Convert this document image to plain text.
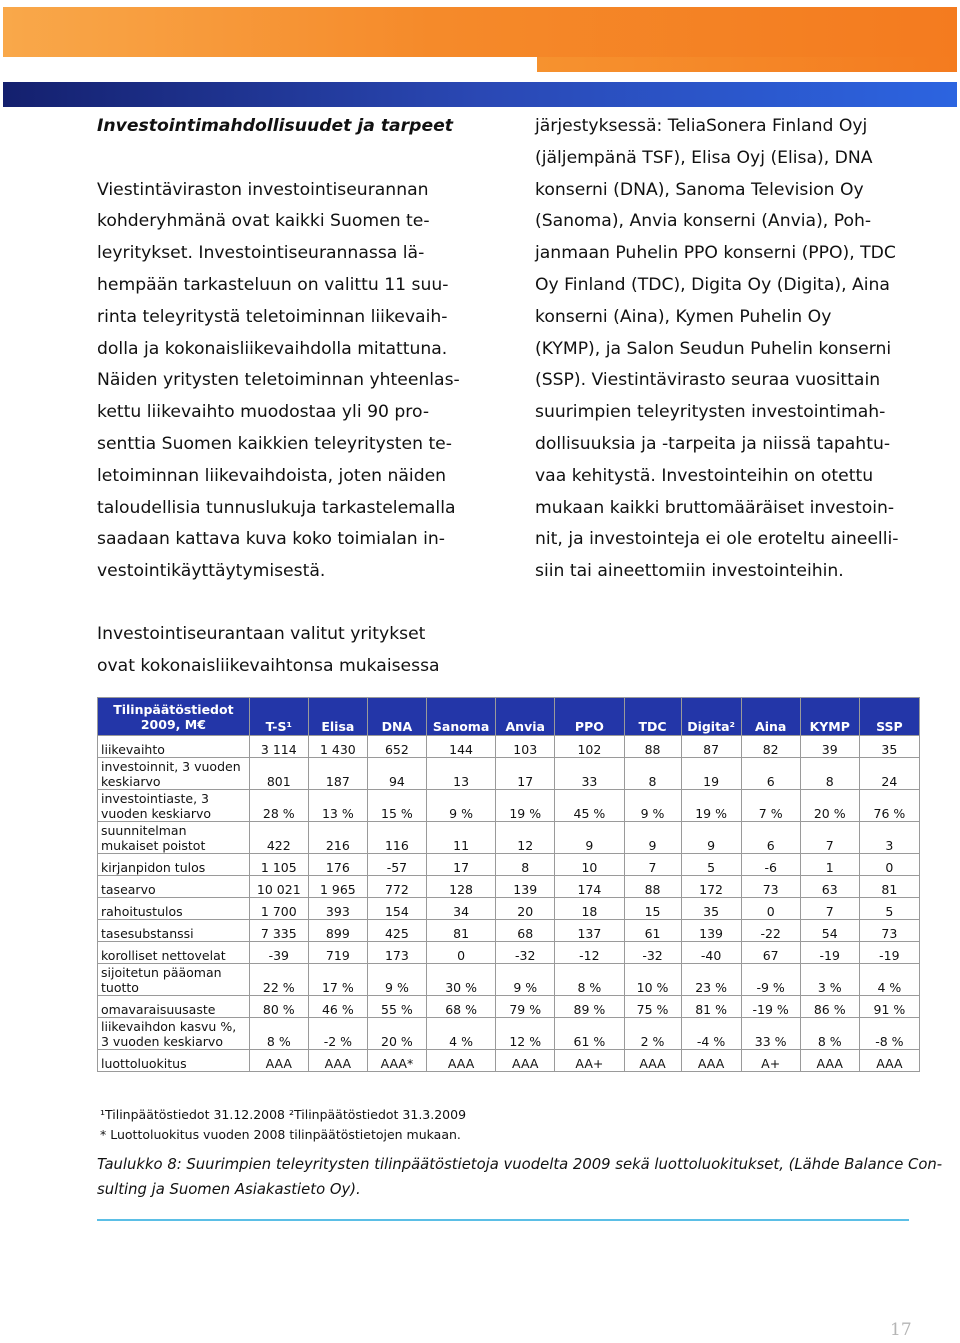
Investointimahdollisuudet ja tarpeet

Viestintäviraston investointiseurannan

kohderyhmänä ovat kaikki Suomen te-

leyritykset. Investointiseurannassa lä-

hempään tarkasteluun on valittu 11 suu-

rinta teleyritystä teletoiminnan liikevaih-

dolla ja kokonaisliikevaihdolla mitattuna.

Näiden yritysten teletoiminnan yhteenlas-

kettu liikevaihto muodostaa yli 90 pro-

senttia Suomen kaikkien teleyritysten te-

letoiminnan liikevaihdoista, joten näiden

taloudellisia tunnuslukuja tarkastelemalla

saadaan kattava kuva koko toimialan in-

vestointikäyttäytymisestä.

järjestyksessä: TeliaSonera Finland Oyj

(jäljempänä TSF), Elisa Oyj (Elisa), DNA

konserni (DNA), Sanoma Television Oy

(Sanoma), Anvia konserni (Anvia), Poh-

janmaan Puhelin PPO konserni (PPO), TDC

Oy Finland (TDC), Digita Oy (Digita), Aina

konserni (Aina), Kymen Puhelin Oy

(KYMP), ja Salon Seudun Puhelin konserni

(SSP). Viestintävirasto seuraa vuosittain

suurimpien teleyritysten investointimah-

dollisuuksia ja -tarpeita ja niissä tapahtu-

vaa kehitystä. Investointeihin on otettu

mukaan kaikki bruttomääräiset investoin-

nit, ja investointeja ei ole eroteltu aineelli-

siin tai aineettomiin investointeihin.

Investointiseurantaan valitut yritykset
ovat kokonaisliikevaihtonsa mukaisessa
Tilinpäätöstiedot
2009, M€	T-S¹	Elisa	DNA	Sanoma	Anvia	PPO	TDC	Digita²	Aina	KYMP	SSP
liikevaihto	3 114	1 430	652	144	103	102	88	87	82	39	35
investoinnit, 3 vuoden keskiarvo	801	187	94	13	17	33	8	19	6	8	24
investointiaste, 3 vuoden keskiarvo	28 %	13 %	15 %	9 %	19 %	45 %	9 %	19 %	7 %	20 %	76 %
suunnitelman mukaiset poistot	422	216	116	11	12	9	9	9	6	7	3
kirjanpidon tulos	1 105	176	-57	17	8	10	7	5	-6	1	0
tasearvo	10 021	1 965	772	128	139	174	88	172	73	63	81
rahoitustulos	1 700	393	154	34	20	18	15	35	0	7	5
tasesubstanssi	7 335	899	425	81	68	137	61	139	-22	54	73
korolliset nettovelat	-39	719	173	0	-32	-12	-32	-40	67	-19	-19
sijoitetun pääoman tuotto	22 %	17 %	9 %	30 %	9 %	8 %	10 %	23 %	-9 %	3 %	4 %
omavaraisuusaste	80 %	46 %	55 %	68 %	79 %	89 %	75 %	81 %	-19 %	86 %	91 %
liikevaihdon kasvu %, 3 vuoden keskiarvo	8 %	-2 %	20 %	4 %	12 %	61 %	2 %	-4 %	33 %	8 %	-8 %
luottoluokitus	AAA	AAA	AAA*	AAA	AAA	AA+	AAA	AAA	A+	AAA	AAA
¹Tilinpäätöstiedot 31.12.2008 ²Tilinpäätöstiedot 31.3.2009
* Luottoluokitus vuoden 2008 tilinpäätöstietojen mukaan.

Taulukko 8: Suurimpien teleyritysten tilinpäätöstietoja vuodelta 2009 sekä luottoluokitukset, (Lähde Balance Con-

sulting ja Suomen Asiakastieto Oy).

17
